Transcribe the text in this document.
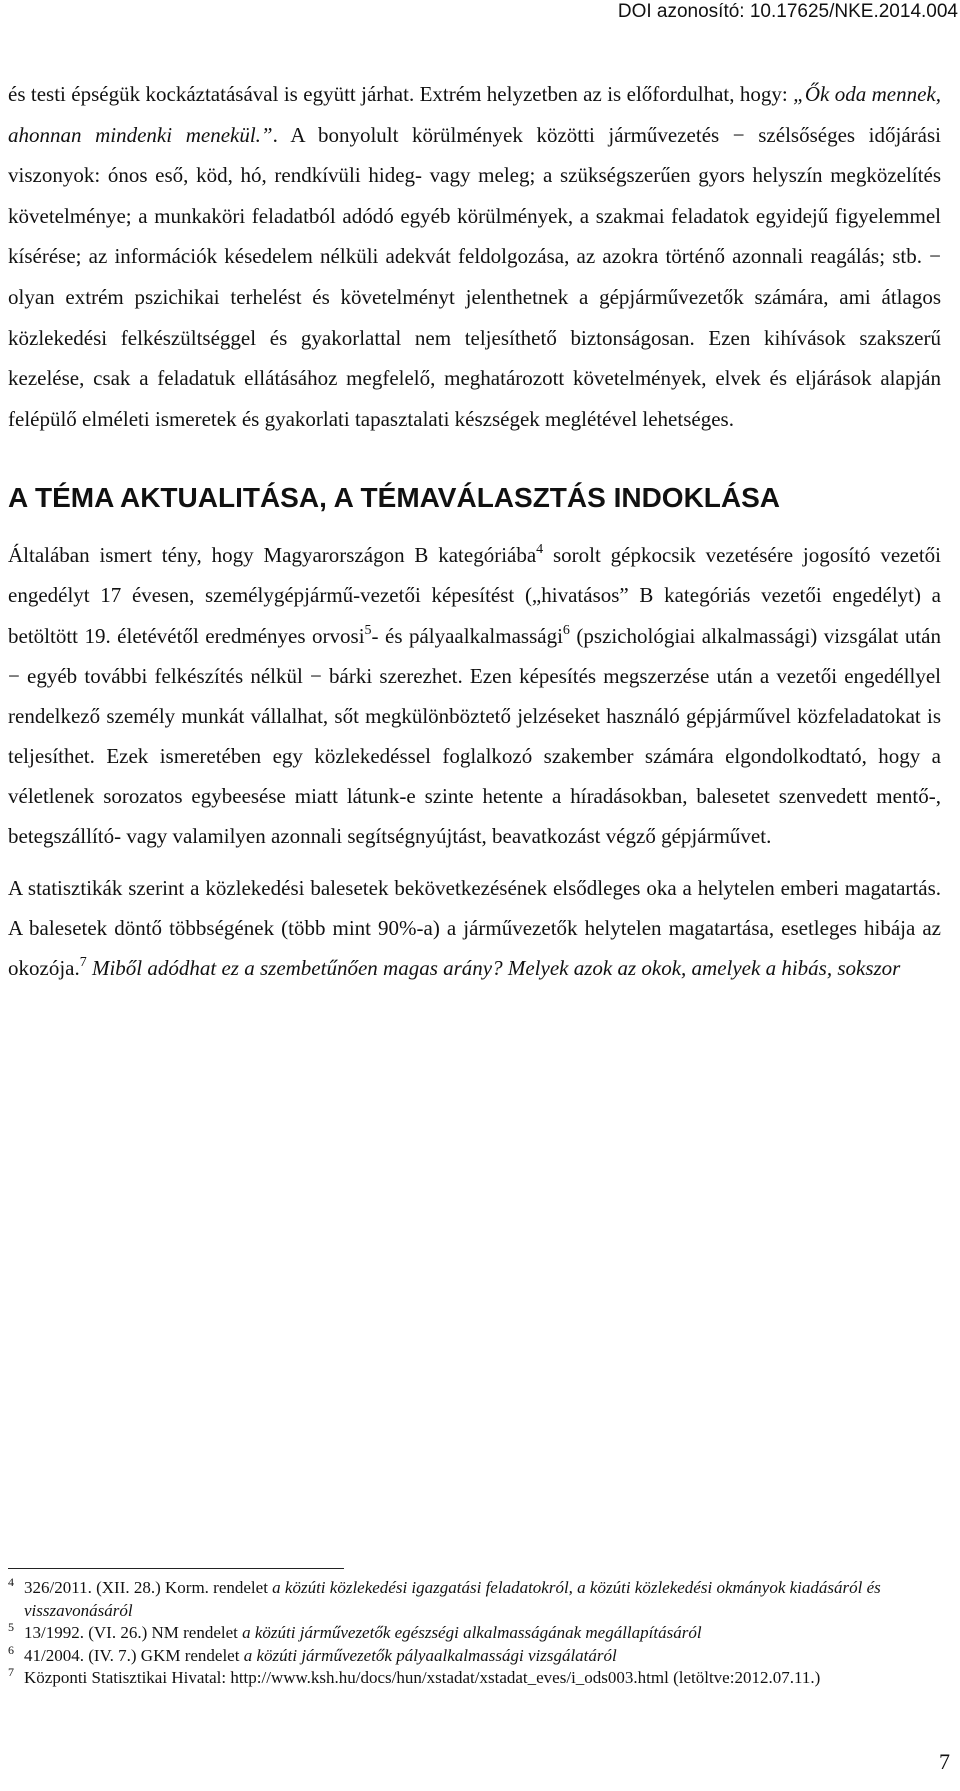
DOI azonosító: 10.17625/NKE.2014.004

és testi épségük kockáztatásával is együtt járhat. Extrém helyzetben az is előfordulhat, hogy: „Ők oda mennek, ahonnan mindenki menekül.”. A bonyolult körülmények közötti járművezetés − szélsőséges időjárási viszonyok: ónos eső, köd, hó, rendkívüli hideg- vagy meleg; a szükségszerűen gyors helyszín megközelítés követelménye; a munkaköri feladatból adódó egyéb körülmények, a szakmai feladatok egyidejű figyelemmel kísérése; az információk késedelem nélküli adekvát feldolgozása, az azokra történő azonnali reagálás; stb. − olyan extrém pszichikai terhelést és követelményt jelenthetnek a gépjárművezetők számára, ami átlagos közlekedési felkészültséggel és gyakorlattal nem teljesíthető biztonságosan. Ezen kihívások szakszerű kezelése, csak a feladatuk ellátásához megfelelő, meghatározott követelmények, elvek és eljárások alapján felépülő elméleti ismeretek és gyakorlati tapasztalati készségek meglétével lehetséges.

A TÉMA AKTUALITÁSA, A TÉMAVÁLASZTÁS INDOKLÁSA

Általában ismert tény, hogy Magyarországon B kategóriába$^4$ sorolt gépkocsik vezetésére jogosító vezetői engedélyt 17 évesen, személygépjármű-vezetői képesítést („hivatásos” B kategóriás vezetői engedélyt) a betöltött 19. életévétől eredményes orvosi$^5$- és pályaalkalmassági$^6$ (pszichológiai alkalmassági) vizsgálat után − egyéb további felkészítés nélkül − bárki szerezhet. Ezen képesítés megszerzése után a vezetői engedéllyel rendelkező személy munkát vállalhat, sőt megkülönböztető jelzéseket használó gépjárművel közfeladatokat is teljesíthet. Ezek ismeretében egy közlekedéssel foglalkozó szakember számára elgondolkodtató, hogy a véletlenek sorozatos egybeesése miatt látunk-e szinte hetente a híradásokban, balesetet szenvedett mentő-, betegszállító- vagy valamilyen azonnali segítségnyújtást, beavatkozást végző gépjárművet.

A statisztikák szerint a közlekedési balesetek bekövetkezésének elsődleges oka a helytelen emberi magatartás. A balesetek döntő többségének (több mint 90%-a) a járművezetők helytelen magatartása, esetleges hibája az okozója.$^7$ Miből adódhat ez a szembetűnően magas arány? Melyek azok az okok, amelyek a hibás, sokszor

$^4$ 326/2011. (XII. 28.) Korm. rendelet a közúti közlekedési igazgatási feladatokról, a közúti közlekedési okmányok kiadásáról és visszavonásáról
$^5$ 13/1992. (VI. 26.) NM rendelet a közúti járművezetők egészségi alkalmasságának megállapításáról
$^6$ 41/2004. (IV. 7.) GKM rendelet a közúti járművezetők pályaalkalmassági vizsgálatáról
$^7$ Központi Statisztikai Hivatal: http://www.ksh.hu/docs/hun/xstadat/xstadat_eves/i_ods003.html (letöltve:2012.07.11.)
7
